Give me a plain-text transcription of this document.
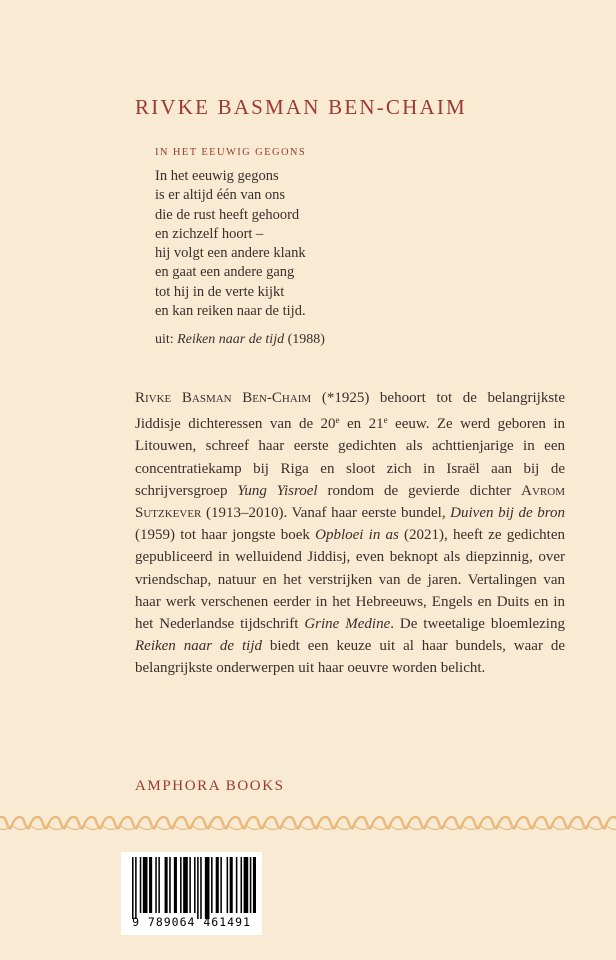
RIVKE BASMAN BEN-CHAIM
IN HET EEUWIG GEGONS
In het eeuwig gegons
is er altijd één van ons
die de rust heeft gehoord
en zichzelf hoort –
hij volgt een andere klank
en gaat een andere gang
tot hij in de verte kijkt
en kan reiken naar de tijd.
uit: Reiken naar de tijd (1988)

Rivke Basman Ben-Chaim (*1925) behoort tot de belangrijkste Jiddisje dichteressen van de 20e en 21e eeuw. Ze werd geboren in Litouwen, schreef haar eerste gedichten als achttienjarige in een concentratiekamp bij Riga en sloot zich in Israël aan bij de schrijversgroep Yung Yisroel rondom de gevierde dichter Avrom Sutzkever (1913–2010). Vanaf haar eerste bundel, Duiven bij de bron (1959) tot haar jongste boek Opbloei in as (2021), heeft ze gedichten gepubliceerd in welluidend Jiddisj, even beknopt als diepzinnig, over vriendschap, natuur en het verstrijken van de jaren. Vertalingen van haar werk verschenen eerder in het Hebreeuws, Engels en Duits en in het Nederlandse tijdschrift Grine Medine. De tweetalige bloemlezing Reiken naar de tijd biedt een keuze uit al haar bundels, waar de belangrijkste onderwerpen uit haar oeuvre worden belicht.

AMPHORA BOOKS
9 789064 461491
